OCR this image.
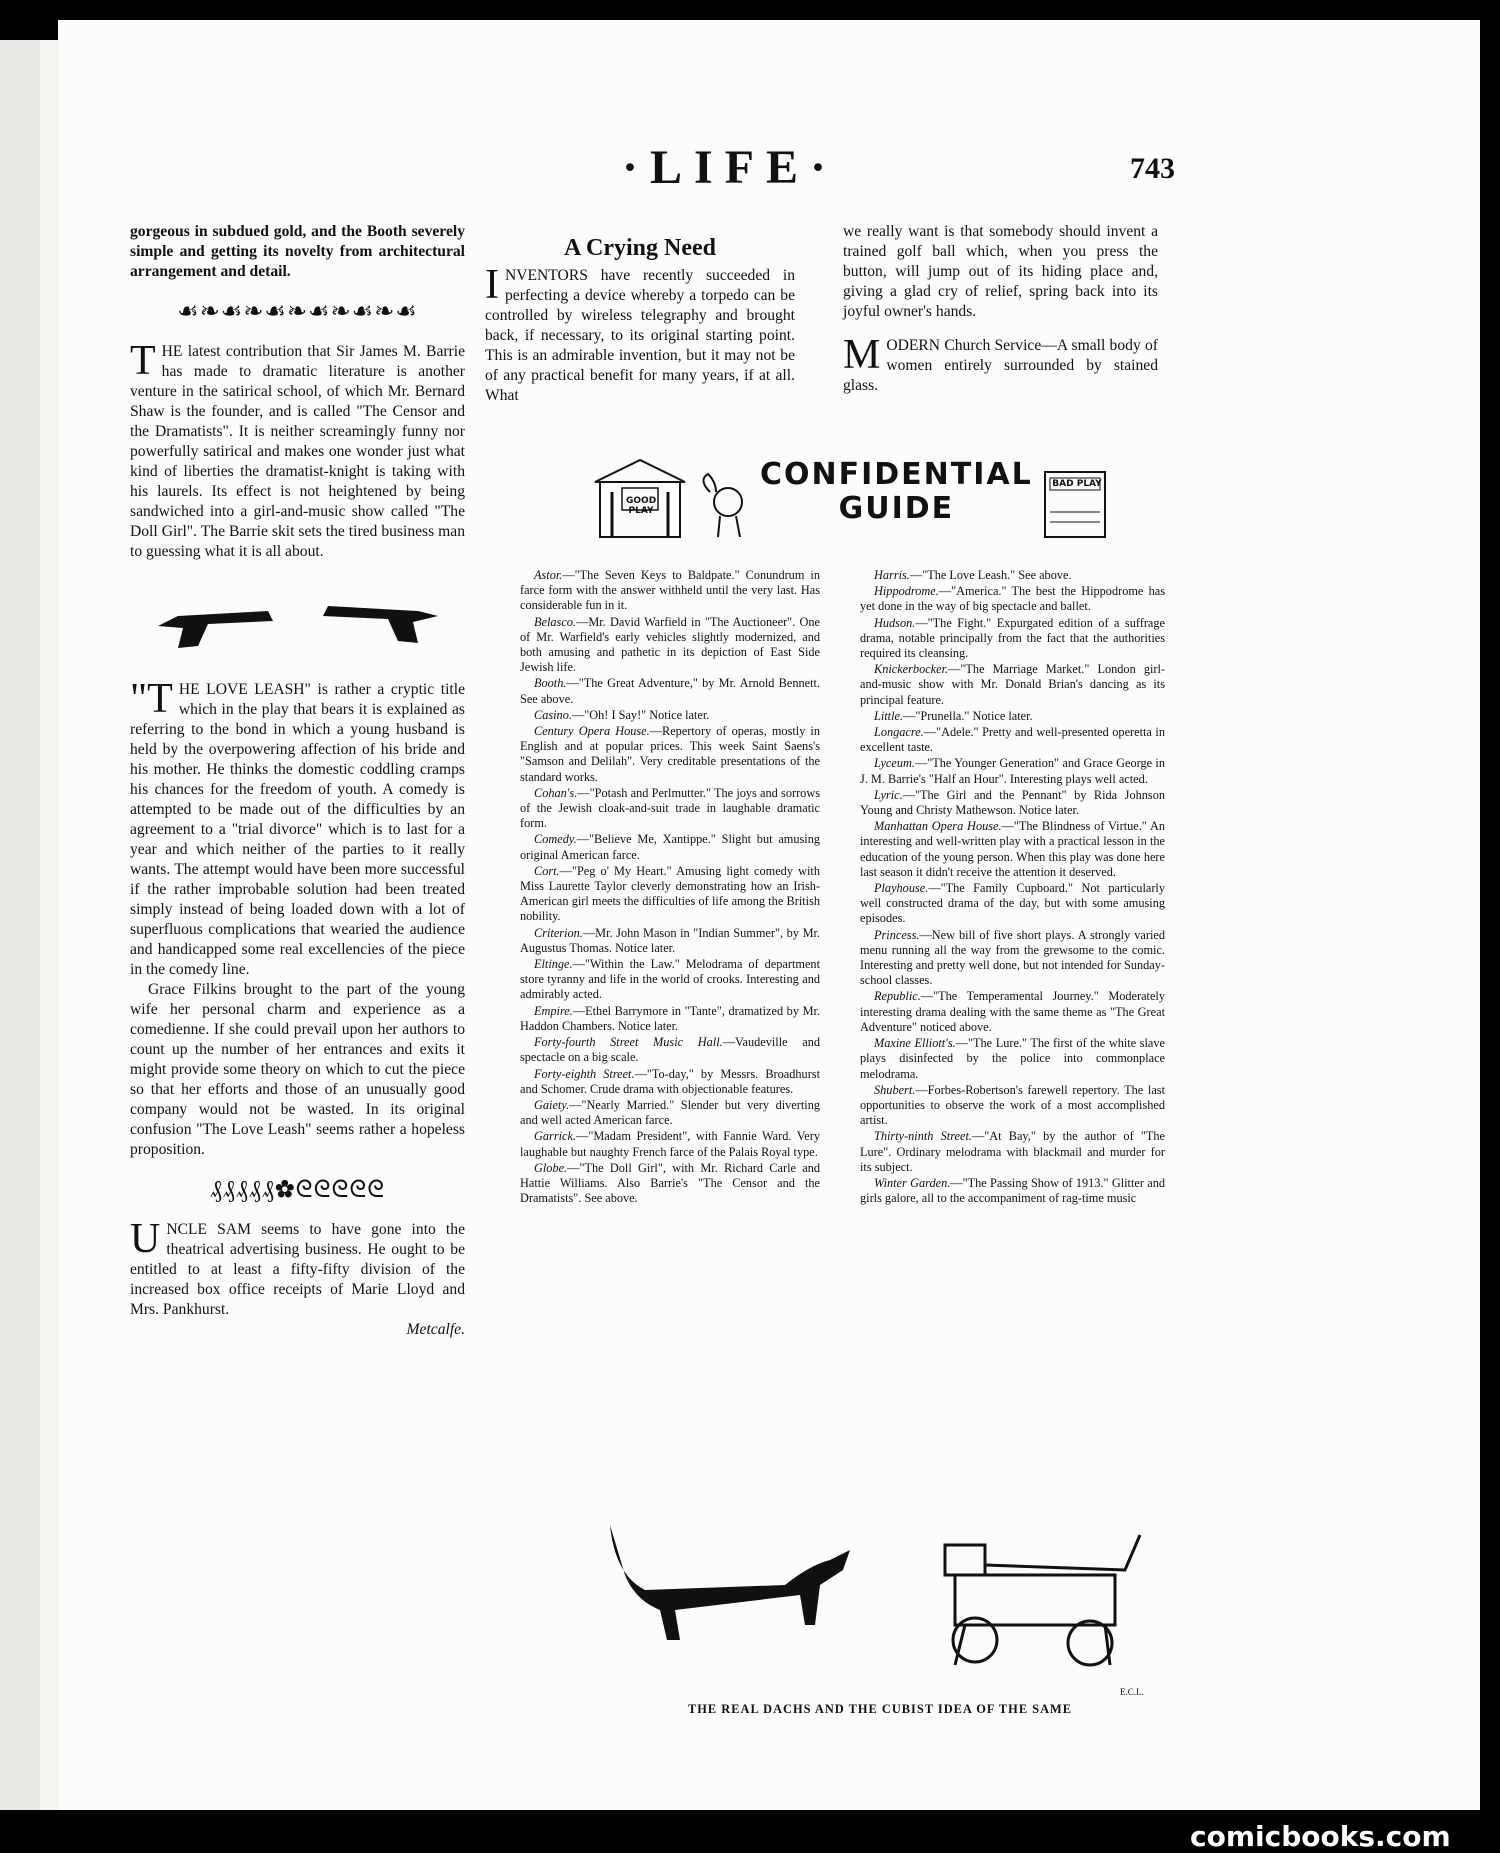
·LIFE·	743

gorgeous in subdued gold, and the Booth severely simple and getting its novelty from architectural arrangement and detail.

☙❧☙❧☙❧☙❧☙❧☙

THE latest contribution that Sir James M. Barrie has made to dramatic literature is another venture in the satirical school, of which Mr. Bernard Shaw is the founder, and is called "The Censor and the Dramatists". It is neither screamingly funny nor powerfully satirical and makes one wonder just what kind of liberties the dramatist-knight is taking with his laurels. Its effect is not heightened by being sandwiched into a girl-and-music show called "The Doll Girl". The Barrie skit sets the tired business man to guessing what it is all about.

"THE LOVE LEASH" is rather a cryptic title which in the play that bears it is explained as referring to the bond in which a young husband is held by the overpowering affection of his bride and his mother. He thinks the domestic coddling cramps his chances for the freedom of youth. A comedy is attempted to be made out of the difficulties by an agreement to a "trial divorce" which is to last for a year and which neither of the parties to it really wants. The attempt would have been more successful if the rather improbable solution had been treated simply instead of being loaded down with a lot of superfluous complications that wearied the audience and handicapped some real excellencies of the piece in the comedy line.

Grace Filkins brought to the part of the young wife her personal charm and experience as a comedienne. If she could prevail upon her authors to count up the number of her entrances and exits it might provide some theory on which to cut the piece so that her efforts and those of an unusually good company would not be wasted. In its original confusion "The Love Leash" seems rather a hopeless proposition.

₰₰₰₰₰✿ᘓᘓᘓᘓᘓ

UNCLE SAM seems to have gone into the theatrical advertising business. He ought to be entitled to at least a fifty-fifty division of the increased box office receipts of Marie Lloyd and Mrs. Pankhurst.

Metcalfe.

A Crying Need

INVENTORS have recently succeeded in perfecting a device whereby a torpedo can be controlled by wireless telegraphy and brought back, if necessary, to its original starting point. This is an admirable invention, but it may not be of any practical benefit for many years, if at all. What

we really want is that somebody should invent a trained golf ball which, when you press the button, will jump out of its hiding place and, giving a glad cry of relief, spring back into its joyful owner's hands.

MODERN Church Service—A small body of women entirely surrounded by stained glass.

GOOD PLAY
BAD PLAY
CONFIDENTIAL
GUIDE

Astor.—"The Seven Keys to Baldpate." Conundrum in farce form with the answer withheld until the very last. Has considerable fun in it.

Belasco.—Mr. David Warfield in "The Auctioneer". One of Mr. Warfield's early vehicles slightly modernized, and both amusing and pathetic in its depiction of East Side Jewish life.

Booth.—"The Great Adventure," by Mr. Arnold Bennett. See above.

Casino.—"Oh! I Say!" Notice later.

Century Opera House.—Repertory of operas, mostly in English and at popular prices. This week Saint Saens's "Samson and Delilah". Very creditable presentations of the standard works.

Cohan's.—"Potash and Perlmutter." The joys and sorrows of the Jewish cloak-and-suit trade in laughable dramatic form.

Comedy.—"Believe Me, Xantippe." Slight but amusing original American farce.

Cort.—"Peg o' My Heart." Amusing light comedy with Miss Laurette Taylor cleverly demonstrating how an Irish-American girl meets the difficulties of life among the British nobility.

Criterion.—Mr. John Mason in "Indian Summer", by Mr. Augustus Thomas. Notice later.

Eltinge.—"Within the Law." Melodrama of department store tyranny and life in the world of crooks. Interesting and admirably acted.

Empire.—Ethel Barrymore in "Tante", dramatized by Mr. Haddon Chambers. Notice later.

Forty-fourth Street Music Hall.—Vaudeville and spectacle on a big scale.

Forty-eighth Street.—"To-day," by Messrs. Broadhurst and Schomer. Crude drama with objectionable features.

Gaiety.—"Nearly Married." Slender but very diverting and well acted American farce.

Garrick.—"Madam President", with Fannie Ward. Very laughable but naughty French farce of the Palais Royal type.

Globe.—"The Doll Girl", with Mr. Richard Carle and Hattie Williams. Also Barrie's "The Censor and the Dramatists". See above.

Harris.—"The Love Leash." See above.

Hippodrome.—"America." The best the Hippodrome has yet done in the way of big spectacle and ballet.

Hudson.—"The Fight." Expurgated edition of a suffrage drama, notable principally from the fact that the authorities required its cleansing.

Knickerbocker.—"The Marriage Market." London girl-and-music show with Mr. Donald Brian's dancing as its principal feature.

Little.—"Prunella." Notice later.

Longacre.—"Adele." Pretty and well-presented operetta in excellent taste.

Lyceum.—"The Younger Generation" and Grace George in J. M. Barrie's "Half an Hour". Interesting plays well acted.

Lyric.—"The Girl and the Pennant" by Rida Johnson Young and Christy Mathewson. Notice later.

Manhattan Opera House.—"The Blindness of Virtue." An interesting and well-written play with a practical lesson in the education of the young person. When this play was done here last season it didn't receive the attention it deserved.

Playhouse.—"The Family Cupboard." Not particularly well constructed drama of the day, but with some amusing episodes.

Princess.—New bill of five short plays. A strongly varied menu running all the way from the grewsome to the comic. Interesting and pretty well done, but not intended for Sunday-school classes.

Republic.—"The Temperamental Journey." Moderately interesting drama dealing with the same theme as "The Great Adventure" noticed above.

Maxine Elliott's.—"The Lure." The first of the white slave plays disinfected by the police into commonplace melodrama.

Shubert.—Forbes-Robertson's farewell repertory. The last opportunities to observe the work of a most accomplished artist.

Thirty-ninth Street.—"At Bay," by the author of "The Lure". Ordinary melodrama with blackmail and murder for its subject.

Winter Garden.—"The Passing Show of 1913." Glitter and girls galore, all to the accompaniment of rag-time music

E.C.L.
THE REAL DACHS AND THE CUBIST IDEA OF THE SAME
comicbooks.com
